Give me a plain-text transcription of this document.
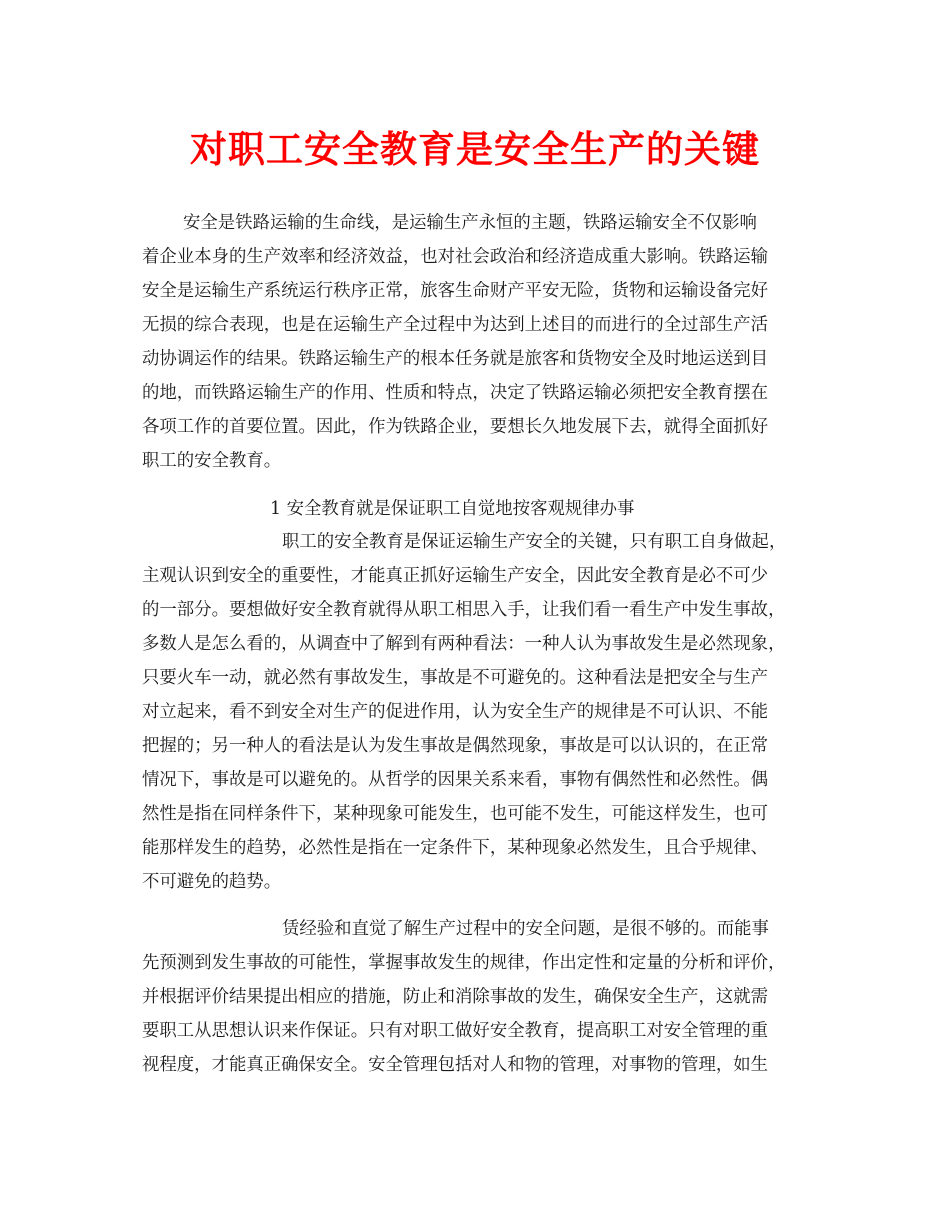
对职工安全教育是安全生产的关键
安全是铁路运输的生命线，是运输生产永恒的主题，铁路运输安全不仅影响
着企业本身的生产效率和经济效益，也对社会政治和经济造成重大影响。铁路运输
安全是运输生产系统运行秩序正常，旅客生命财产平安无险，货物和运输设备完好
无损的综合表现，也是在运输生产全过程中为达到上述目的而进行的全过部生产活
动协调运作的结果。铁路运输生产的根本任务就是旅客和货物安全及时地运送到目
的地，而铁路运输生产的作用、性质和特点，决定了铁路运输必须把安全教育摆在
各项工作的首要位置。因此，作为铁路企业，要想长久地发展下去，就得全面抓好
职工的安全教育。
1 安全教育就是保证职工自觉地按客观规律办事
职工的安全教育是保证运输生产安全的关键，只有职工自身做起，
主观认识到安全的重要性，才能真正抓好运输生产安全，因此安全教育是必不可少
的一部分。要想做好安全教育就得从职工相思入手，让我们看一看生产中发生事故，
多数人是怎么看的，从调查中了解到有两种看法：一种人认为事故发生是必然现象，
只要火车一动，就必然有事故发生，事故是不可避免的。这种看法是把安全与生产
对立起来，看不到安全对生产的促进作用，认为安全生产的规律是不可认识、不能
把握的；另一种人的看法是认为发生事故是偶然现象，事故是可以认识的，在正常
情况下，事故是可以避免的。从哲学的因果关系来看，事物有偶然性和必然性。偶
然性是指在同样条件下，某种现象可能发生，也可能不发生，可能这样发生，也可
能那样发生的趋势，必然性是指在一定条件下，某种现象必然发生，且合乎规律、
不可避免的趋势。
赁经验和直觉了解生产过程中的安全问题，是很不够的。而能事
先预测到发生事故的可能性，掌握事故发生的规律，作出定性和定量的分析和评价，
并根据评价结果提出相应的措施，防止和消除事故的发生，确保安全生产，这就需
要职工从思想认识来作保证。只有对职工做好安全教育，提高职工对安全管理的重
视程度，才能真正确保安全。安全管理包括对人和物的管理，对事物的管理，如生
